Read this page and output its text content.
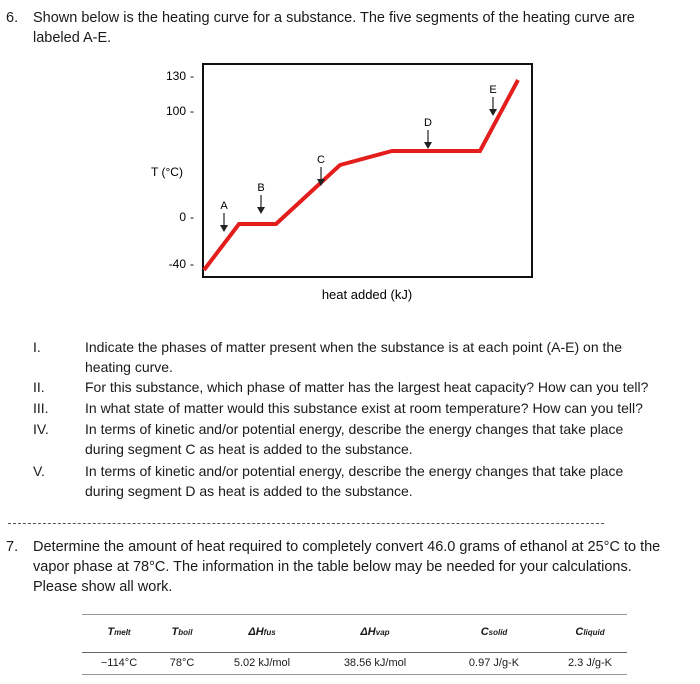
6. Shown below is the heating curve for a substance. The five segments of the heating curve are labeled A-E.
130 -
100 -
0 -
-40 -
T (°C)
heat added (kJ)
A
B
C
D
E
I.	Indicate the phases of matter present when the substance is at each point (A-E) on the heating curve.
II.	For this substance, which phase of matter has the largest heat capacity? How can you tell?
III.	In what state of matter would this substance exist at room temperature? How can you tell?
IV.	In terms of kinetic and/or potential energy, describe the energy changes that take place during segment C as heat is added to the substance.
V.	In terms of kinetic and/or potential energy, describe the energy changes that take place during segment D as heat is added to the substance.
7. Determine the amount of heat required to completely convert 46.0 grams of ethanol at 25°C to the vapor phase at 78°C. The information in the table below may be needed for your calculations. Please show all work.
Tmelt	Tboil	ΔHfus	ΔHvap	Csolid	Cliquid
−114°C	78°C	5.02 kJ/mol	38.56 kJ/mol	0.97 J/g-K	2.3 J/g-K
